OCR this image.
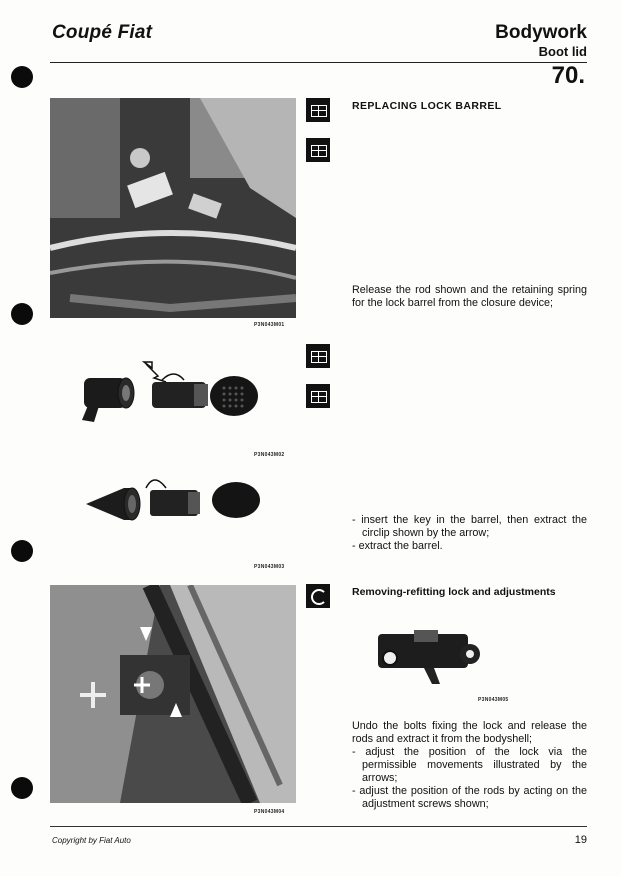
Coupé Fiat	Bodywork
Boot lid
70.
P3N043M01
P3N043M02
P3N043M03
P3N043M04
P3N043M05
REPLACING LOCK BARREL
Release the rod shown and the retaining spring for the lock barrel from the closure device;

- insert the key in the barrel, then extract the circlip shown by the arrow;

- extract the barrel.

Removing-refitting lock and adjustments
Undo the bolts fixing the lock and release the rods and extract it from the bodyshell;

- adjust the position of the lock via the permissible movements illustrated by the arrows;

- adjust the position of the rods by acting on the adjustment screws shown;

Copyright by Fiat Auto	19
